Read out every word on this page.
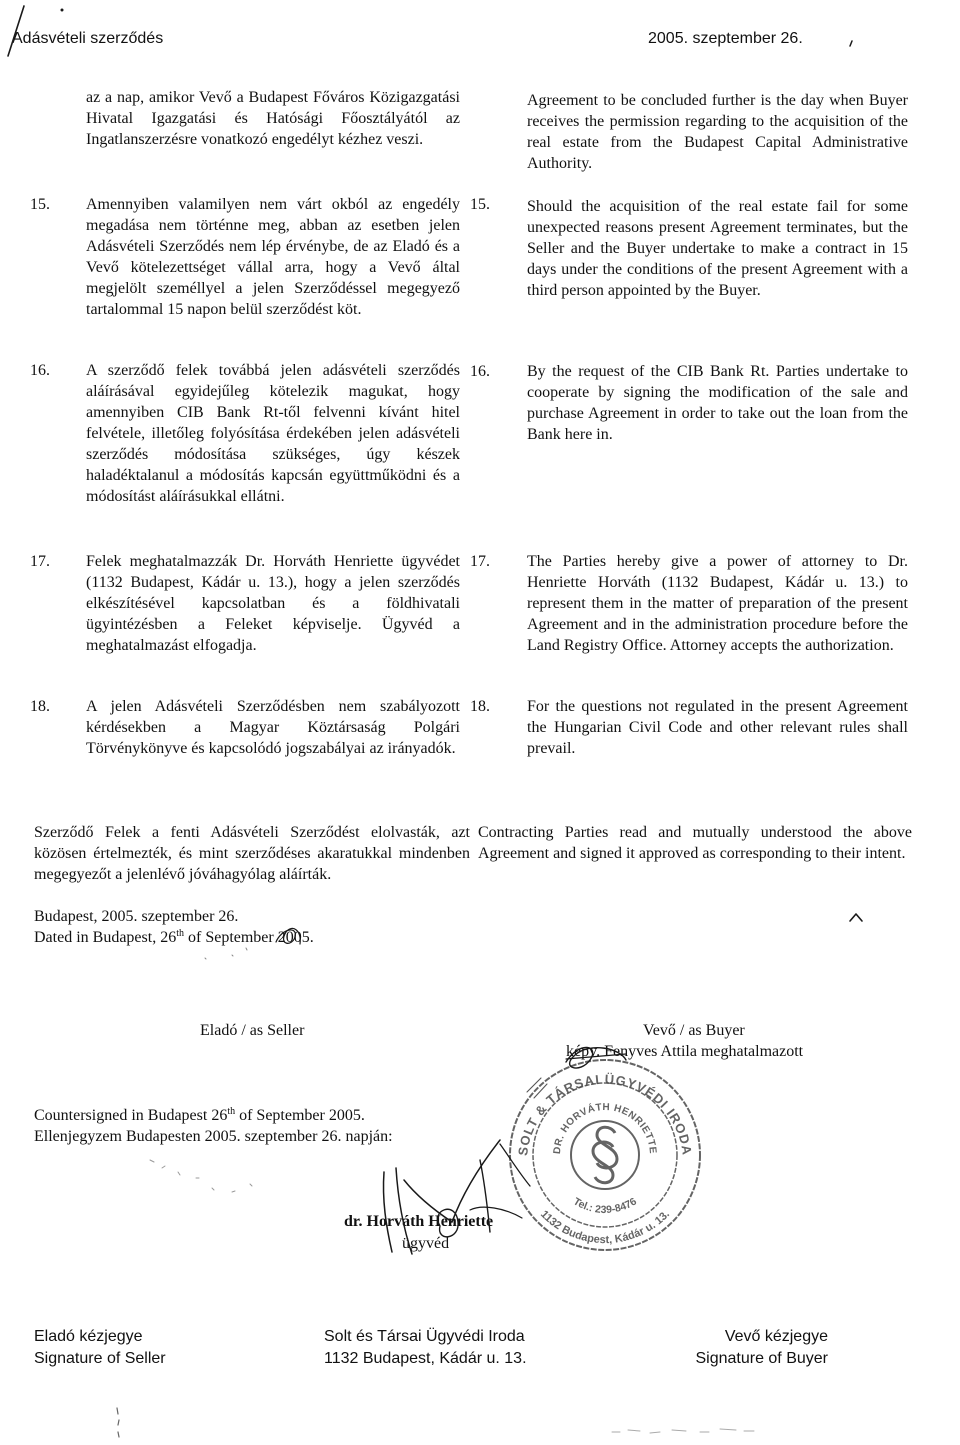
Adásvételi szerződés	2005. szeptember 26.
az a nap, amikor Vevő a Budapest Főváros Közigazgatási Hivatal Igazgatási és Hatósági Főosztályától az Ingatlanszerzésre vonatkozó engedélyt kézhez veszi.
Agreement to be concluded further is the day when Buyer receives the permission regarding to the acquisition of the real estate from the Budapest Capital Administrative Authority.
15.	Amennyiben valamilyen nem várt okból az engedély megadása nem történne meg, abban az esetben jelen Adásvételi Szerződés nem lép érvénybe, de az Eladó és a Vevő kötelezettséget vállal arra, hogy a Vevő által megjelölt személlyel a jelen Szerződéssel megegyező tartalommal 15 napon belül szerződést köt.
15.	Should the acquisition of the real estate fail for some unexpected reasons present Agreement terminates, but the Seller and the Buyer undertake to make a contract in 15 days under the conditions of the present Agreement with a third person appointed by the Buyer.
16.	A szerződő felek továbbá jelen adásvételi szerződés aláírásával egyidejűleg kötelezik magukat, hogy amennyiben CIB Bank Rt-től felvenni kívánt hitel felvétele, illetőleg folyósítása érdekében jelen adásvételi szerződés módosítása szükséges, úgy készek haladéktalanul a módosítás kapcsán együttműködni és a módosítást aláírásukkal ellátni.
16.	By the request of the CIB Bank Rt. Parties undertake to cooperate by signing the modification of the sale and purchase Agreement in order to take out the loan from the Bank here in.
17.	Felek meghatalmazzák Dr. Horváth Henriette ügyvédet (1132 Budapest, Kádár u. 13.), hogy a jelen szerződés elkészítésével kapcsolatban és a földhivatali ügyintézésben a Feleket képviselje. Ügyvéd a meghatalmazást elfogadja.
17.	The Parties hereby give a power of attorney to Dr. Henriette Horváth (1132 Budapest, Kádár u. 13.) to represent them in the matter of preparation of the present Agreement and in the administration procedure before the Land Registry Office. Attorney accepts the authorization.
18.	A jelen Adásvételi Szerződésben nem szabályozott kérdésekben a Magyar Köztársaság Polgári Törvénykönyve és kapcsolódó jogszabályai az irányadók.
18.	For the questions not regulated in the present Agreement the Hungarian Civil Code and other relevant rules shall prevail.
Szerződő Felek a fenti Adásvételi Szerződést elolvasták, azt közösen értelmezték, és mint szerződéses akaratukkal mindenben megegyezőt a jelenlévő jóváhagyólag aláírták.
Contracting Parties read and mutually understood the above Agreement and signed it approved as corresponding to their intent.
Budapest, 2005. szeptember 26.
Dated in Budapest, 26th of September 2005.
Eladó / as Seller	Vevő / as Buyer
képv. Fenyves Attila meghatalmazott
Countersigned in Budapest 26th of September 2005.
Ellenjegyzem Budapesten 2005. szeptember 26. napján:
dr. Horváth Henriette
ügyvéd
Eladó kézjegye
Signature of Seller
Solt és Társai Ügyvédi Iroda
1132 Budapest, Kádár u. 13.
Vevő kézjegye
Signature of Buyer
SOLT & TÁRSAI ÜGYVÉDI IRODA
1132 Budapest, Kádár u. 13.
DR. HORVÁTH HENRIETTE
Tel.: 239-8476
